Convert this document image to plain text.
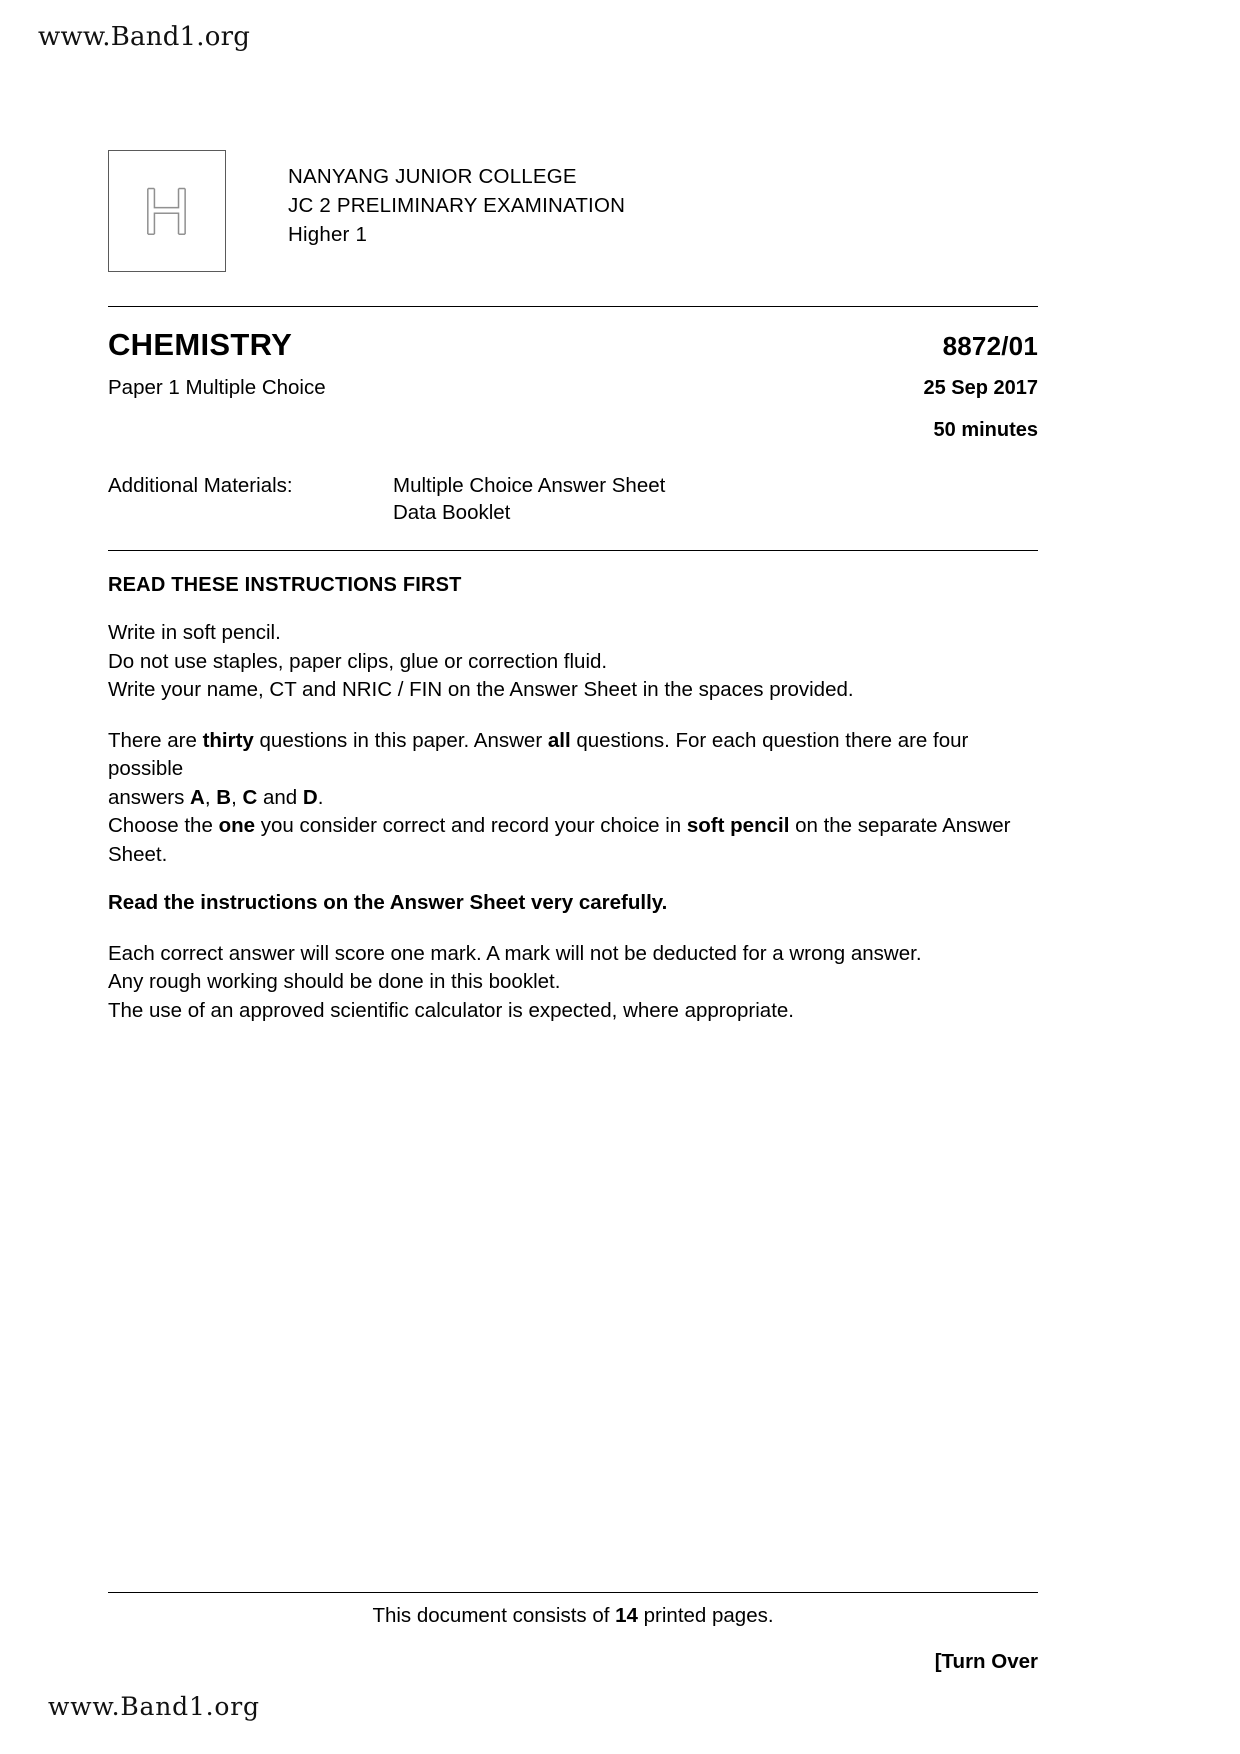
www.Band1.org
H	NANYANG JUNIOR COLLEGE
JC 2 PRELIMINARY EXAMINATION
Higher 1
CHEMISTRY	8872/01
Paper 1 Multiple Choice	25 Sep 2017
50 minutes
Additional Materials:	Multiple Choice Answer Sheet
Data Booklet
READ THESE INSTRUCTIONS FIRST
Write in soft pencil.
Do not use staples, paper clips, glue or correction fluid.
Write your name, CT and NRIC / FIN on the Answer Sheet in the spaces provided.
There are thirty questions in this paper. Answer all questions. For each question there are four possible
answers A, B, C and D.
Choose the one you consider correct and record your choice in soft pencil on the separate Answer Sheet.
Read the instructions on the Answer Sheet very carefully.
Each correct answer will score one mark. A mark will not be deducted for a wrong answer.
Any rough working should be done in this booklet.
The use of an approved scientific calculator is expected, where appropriate.
This document consists of 14 printed pages.
[Turn Over
www.Band1.org
